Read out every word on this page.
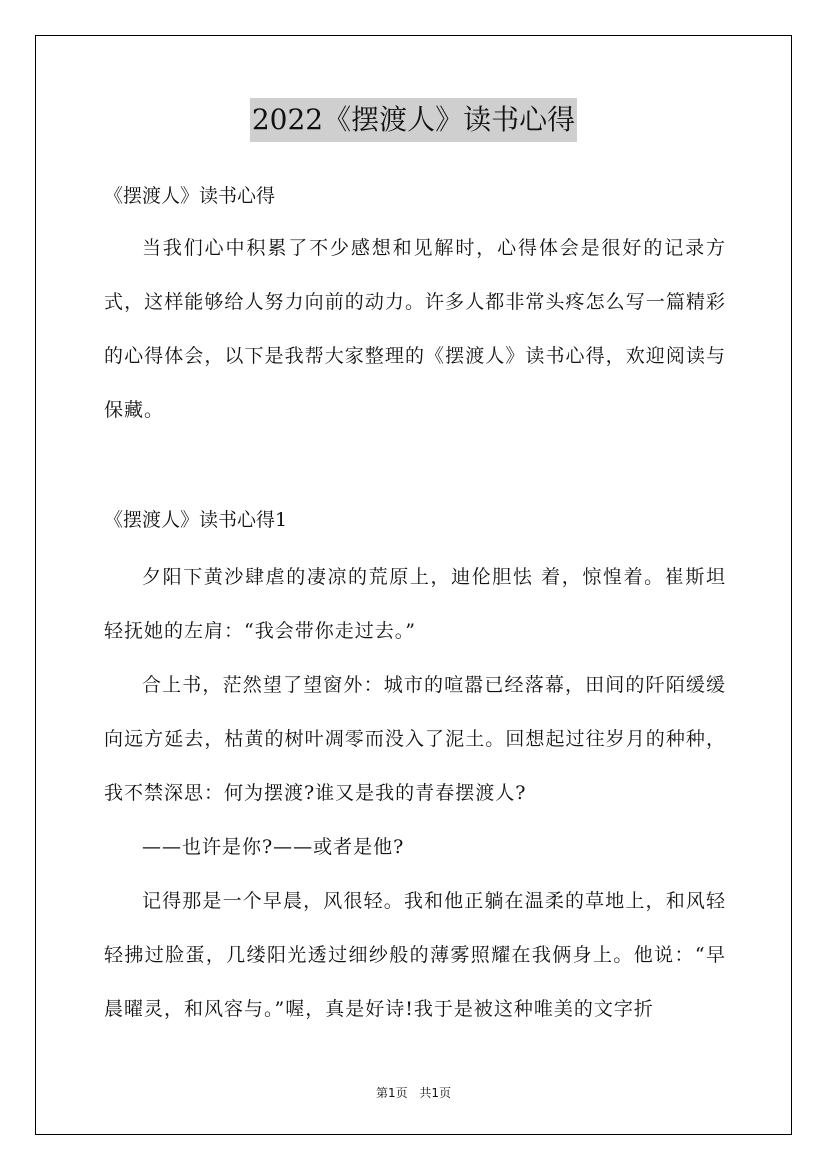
2022《摆渡人》读书心得

《摆渡人》读书心得

当我们心中积累了不少感想和见解时，心得体会是很好的记录方式，这样能够给人努力向前的动力。许多人都非常头疼怎么写一篇精彩的心得体会，以下是我帮大家整理的《摆渡人》读书心得，欢迎阅读与保藏。

《摆渡人》读书心得1

夕阳下黄沙肆虐的凄凉的荒原上，迪伦胆怯 着，惊惶着。崔斯坦轻抚她的左肩：“我会带你走过去。”

合上书，茫然望了望窗外：城市的喧嚣已经落幕，田间的阡陌缓缓向远方延去，枯黄的树叶凋零而没入了泥土。回想起过往岁月的种种，我不禁深思：何为摆渡?谁又是我的青春摆渡人?

——也许是你?——或者是他?

记得那是一个早晨，风很轻。我和他正躺在温柔的草地上，和风轻轻拂过脸蛋，几缕阳光透过细纱般的薄雾照耀在我俩身上。他说：“早晨曜灵，和风容与。”喔，真是好诗!我于是被这种唯美的文字折

第1页 共1页
